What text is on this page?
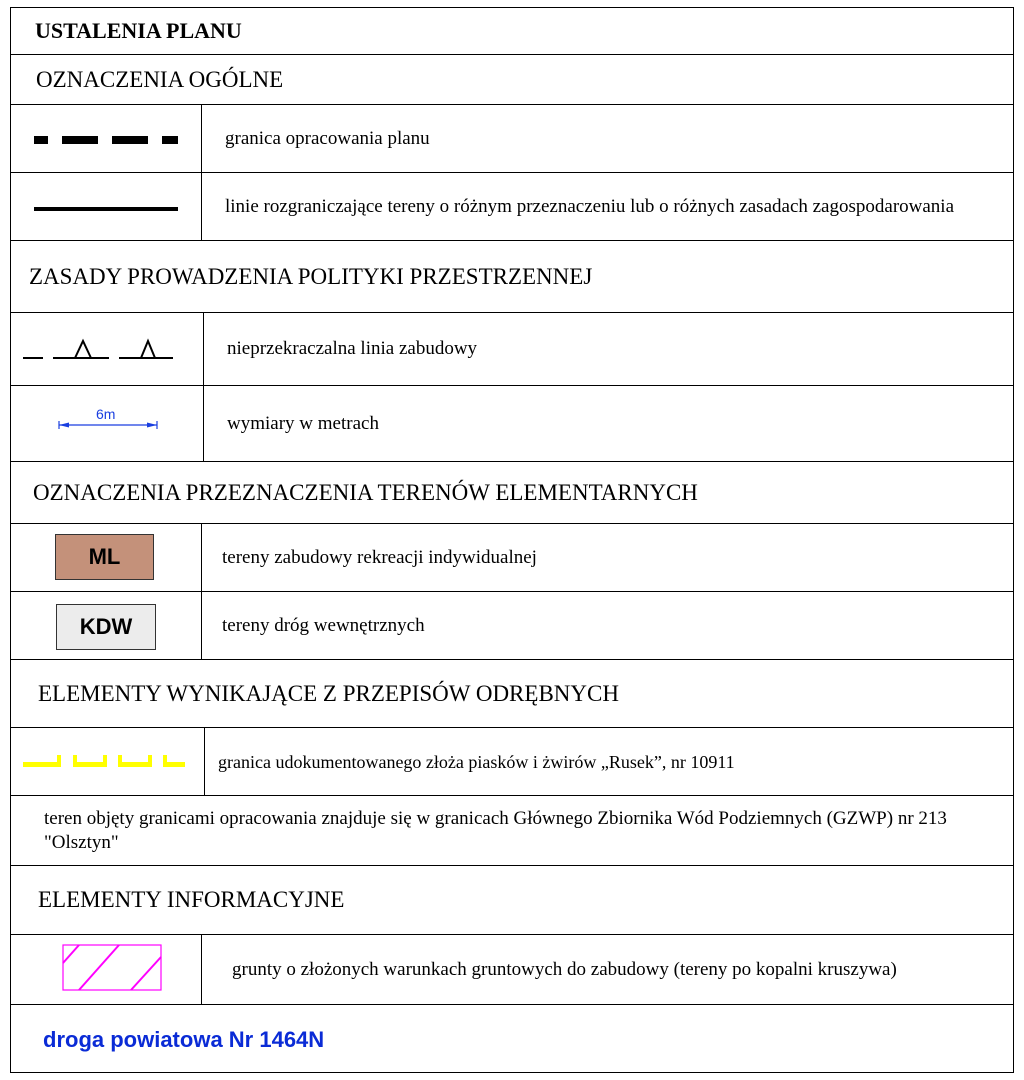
USTALENIA PLANU
OZNACZENIA OGÓLNE
granica opracowania planu
linie rozgraniczające tereny o różnym przeznaczeniu lub o różnych zasadach zagospodarowania
ZASADY PROWADZENIA POLITYKI PRZESTRZENNEJ
nieprzekraczalna linia zabudowy
6m	wymiary w metrach
OZNACZENIA PRZEZNACZENIA TERENÓW ELEMENTARNYCH
ML	tereny zabudowy rekreacji indywidualnej
KDW	tereny dróg wewnętrznych
ELEMENTY WYNIKAJĄCE Z PRZEPISÓW ODRĘBNYCH
granica udokumentowanego złoża piasków i żwirów „Rusek”, nr 10911
teren objęty granicami opracowania znajduje się w granicach Głównego Zbiornika Wód Podziemnych (GZWP) nr 213 "Olsztyn"
ELEMENTY INFORMACYJNE
grunty o złożonych warunkach gruntowych do zabudowy (tereny po kopalni kruszywa)
droga powiatowa Nr 1464N
